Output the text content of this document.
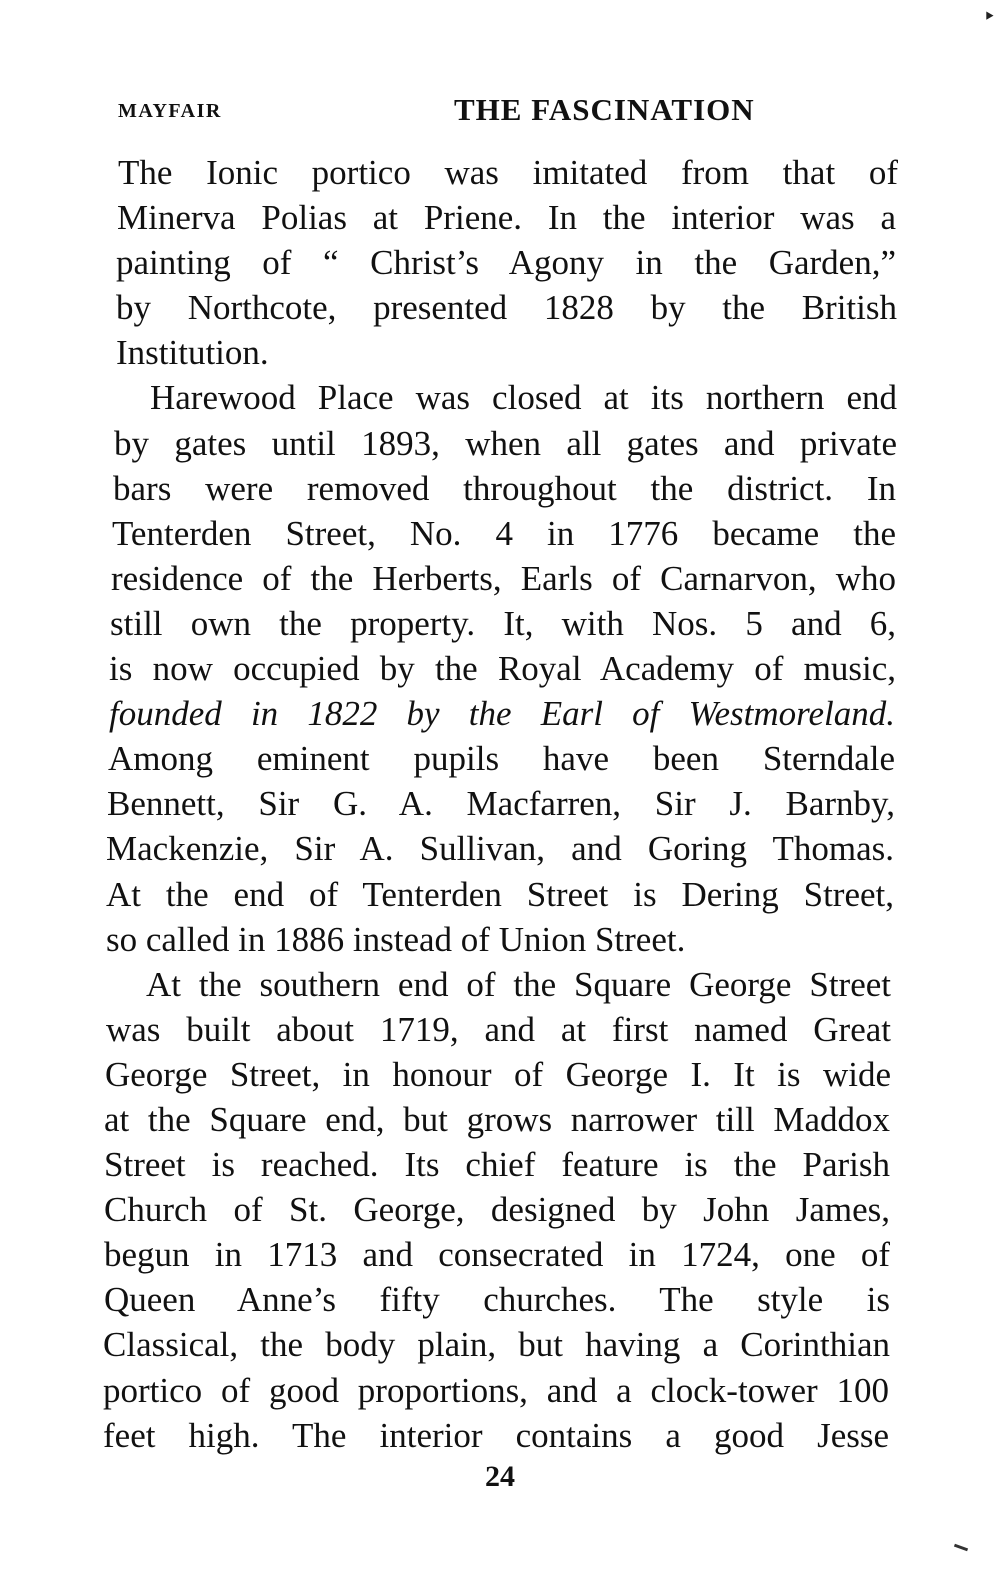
‣
MAYFAIR	THE FASCINATION
The Ionic portico was imitated from that of
Minerva Polias at Priene. In the interior was a
painting of “ Christ’s Agony in the Garden,”
by Northcote, presented 1828 by the British
Institution.
Harewood Place was closed at its northern end
by gates until 1893, when all gates and private
bars were removed throughout the district. In
Tenterden Street, No. 4 in 1776 became the
residence of the Herberts, Earls of Carnarvon, who
still own the property. It, with Nos. 5 and 6,
is now occupied by the Royal Academy of music,
founded in 1822 by the Earl of Westmoreland.
Among eminent pupils have been Sterndale
Bennett, Sir G. A. Macfarren, Sir J. Barnby,
Mackenzie, Sir A. Sullivan, and Goring Thomas.
At the end of Tenterden Street is Dering Street,
so called in 1886 instead of Union Street.
At the southern end of the Square George Street
was built about 1719, and at first named Great
George Street, in honour of George I. It is wide
at the Square end, but grows narrower till Maddox
Street is reached. Its chief feature is the Parish
Church of St. George, designed by John James,
begun in 1713 and consecrated in 1724, one of
Queen Anne’s fifty churches. The style is
Classical, the body plain, but having a Corinthian
portico of good proportions, and a clock-tower 100
feet high. The interior contains a good Jesse
24
